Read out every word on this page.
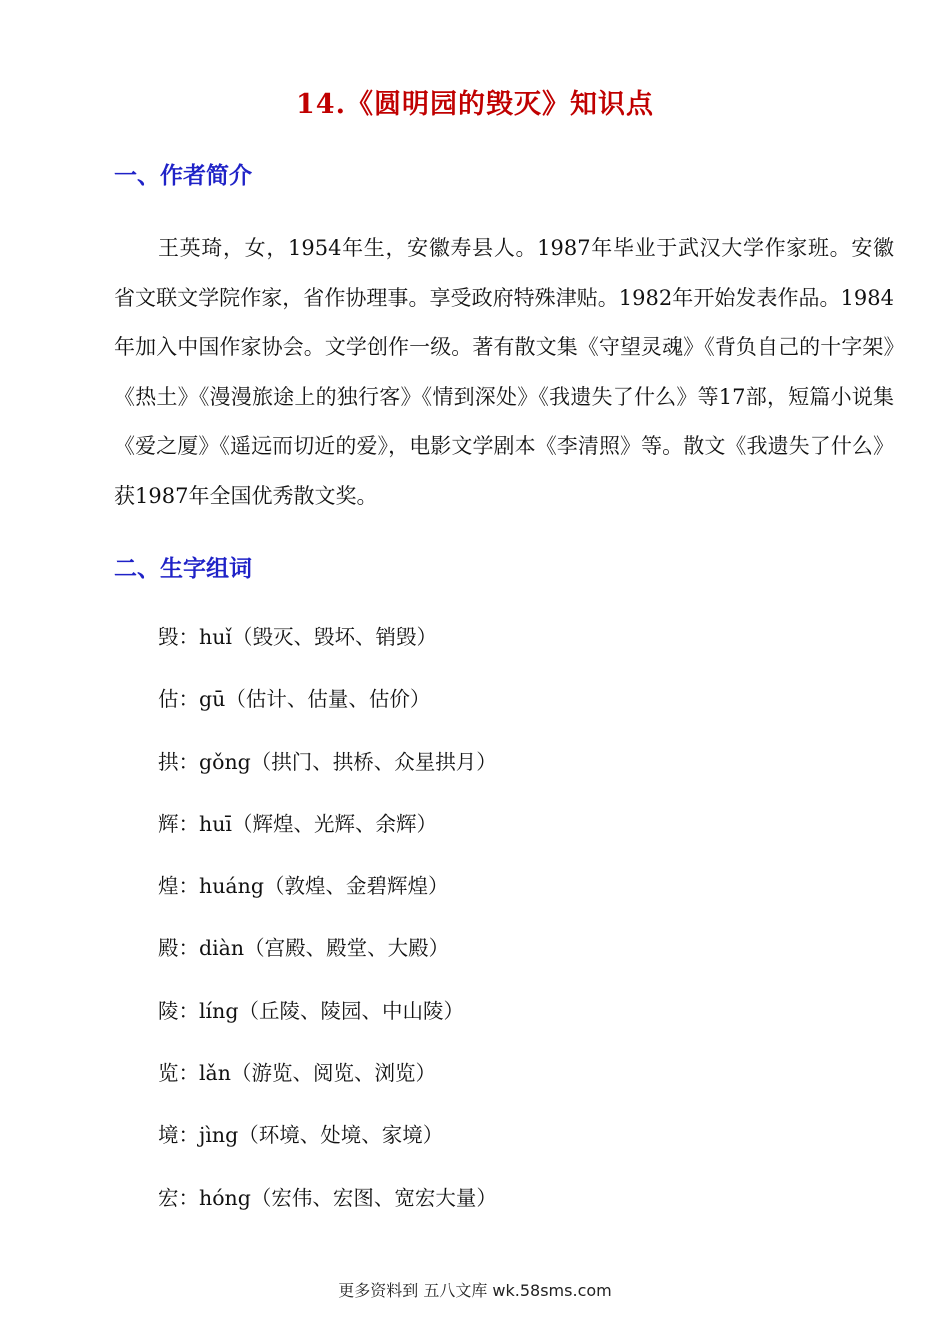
14.《圆明园的毁灭》知识点
一、作者简介

王英琦，女，1954年生，安徽寿县人。1987年毕业于武汉大学作家班。安徽省文联文学院作家，省作协理事。享受政府特殊津贴。1982年开始发表作品。1984年加入中国作家协会。文学创作一级。著有散文集《守望灵魂》《背负自己的十字架》《热土》《漫漫旅途上的独行客》《情到深处》《我遗失了什么》等17部，短篇小说集《爱之厦》《遥远而切近的爱》，电影文学剧本《李清照》等。散文《我遗失了什么》获1987年全国优秀散文奖。

二、生字组词
毁：huǐ（毁灭、毁坏、销毁）
估：gū（估计、估量、估价）
拱：gǒng（拱门、拱桥、众星拱月）
辉：huī（辉煌、光辉、余辉）
煌：huáng（敦煌、金碧辉煌）
殿：diàn（宫殿、殿堂、大殿）
陵：líng（丘陵、陵园、中山陵）
览：lǎn（游览、阅览、浏览）
境：jìng（环境、处境、家境）
宏：hóng（宏伟、宏图、宽宏大量）
更多资料到 五八文库 wk.58sms.com
